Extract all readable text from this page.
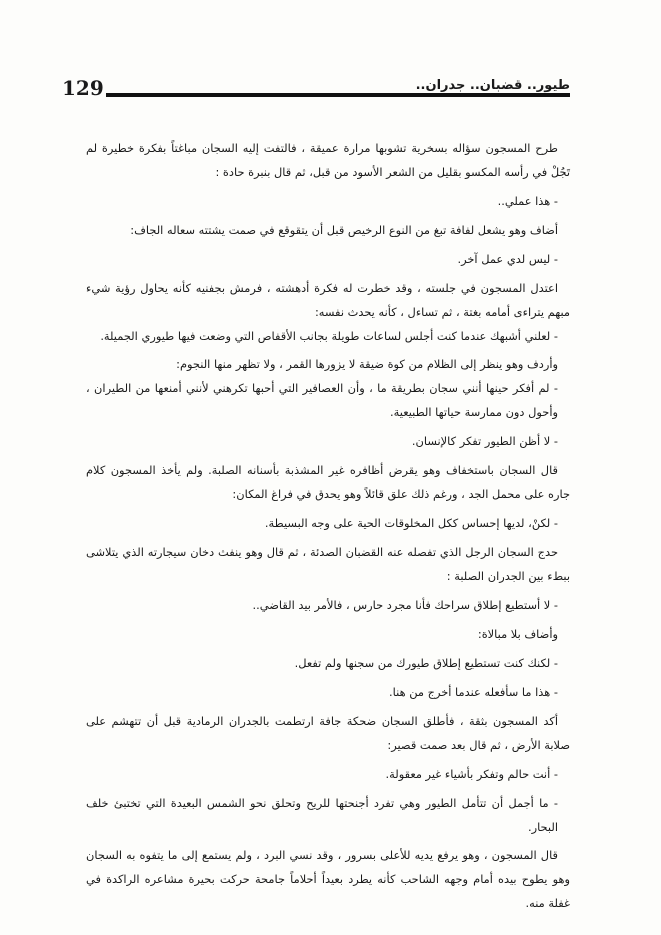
129	طيور.. قضبان.. جدران..

طرح المسجون سؤاله بسخرية تشوبها مرارة عميقة ، فالتفت إليه السجان مباغتاً بفكرة خطيرة لم تَجُلْ في رأسه المكسو بقليل من الشعر الأسود من قبل، ثم قال بنبرة حادة :

- هذا عملي..

أضاف وهو يشعل لفافة تبغ من النوع الرخيص قبل أن يتقوقع في صمت يشتته سعاله الجاف:

- ليس لدي عمل آخر.

اعتدل المسجون في جلسته ، وقد خطرت له فكرة أدهشته ، فرمش بجفنيه كأنه يحاول رؤية شيء مبهم يتراءى أمامه بغتة ، ثم تساءل ، كأنه يحدث نفسه:

- لعلني أشبهك عندما كنت أجلس لساعات طويلة بجانب الأقفاص التي وضعت فيها طيوري الجميلة.

وأردف وهو ينظر إلى الظلام من كوة ضيقة لا يزورها القمر ، ولا تظهر منها النجوم:

- لم أفكر حينها أنني سجان بطريقة ما ، وأن العصافير التي أحبها تكرهني لأنني أمنعها من الطيران ، وأحول دون ممارسة حياتها الطبيعية.

- لا أظن الطيور تفكر كالإنسان.

قال السجان باستخفاف وهو يقرض أظافره غير المشذبة بأسنانه الصلبة. ولم يأخذ المسجون كلام جاره على محمل الجد ، ورغم ذلك علق قائلاً وهو يحدق في فراغ المكان:

- لكنْ، لديها إحساس ككل المخلوقات الحية على وجه البسيطة.

حدج السجان الرجل الذي تفصله عنه القضبان الصدئة ، ثم قال وهو ينفث دخان سيجارته الذي يتلاشى ببطء بين الجدران الصلبة :

- لا أستطيع إطلاق سراحك فأنا مجرد حارس ، فالأمر بيد القاضي..

وأضاف بلا مبالاة:

- لكنك كنت تستطيع إطلاق طيورك من سجنها ولم تفعل.

- هذا ما سأفعله عندما أخرج من هنا.

أكد المسجون بثقة ، فأطلق السجان ضحكة جافة ارتطمت بالجدران الرمادية قبل أن تتهشم على صلابة الأرض ، ثم قال بعد صمت قصير:

- أنت حالم وتفكر بأشياء غير معقولة.

- ما أجمل أن تتأمل الطيور وهي تفرد أجنحتها للريح وتحلق نحو الشمس البعيدة التي تختبئ خلف البحار.

قال المسجون ، وهو يرفع يديه للأعلى بسرور ، وقد نسي البرد ، ولم يستمع إلى ما يتفوه به السجان وهو يطوح بيده أمام وجهه الشاحب كأنه يطرد بعيداً أحلاماً جامحة حركت بحيرة مشاعره الراكدة في غفلة منه.
